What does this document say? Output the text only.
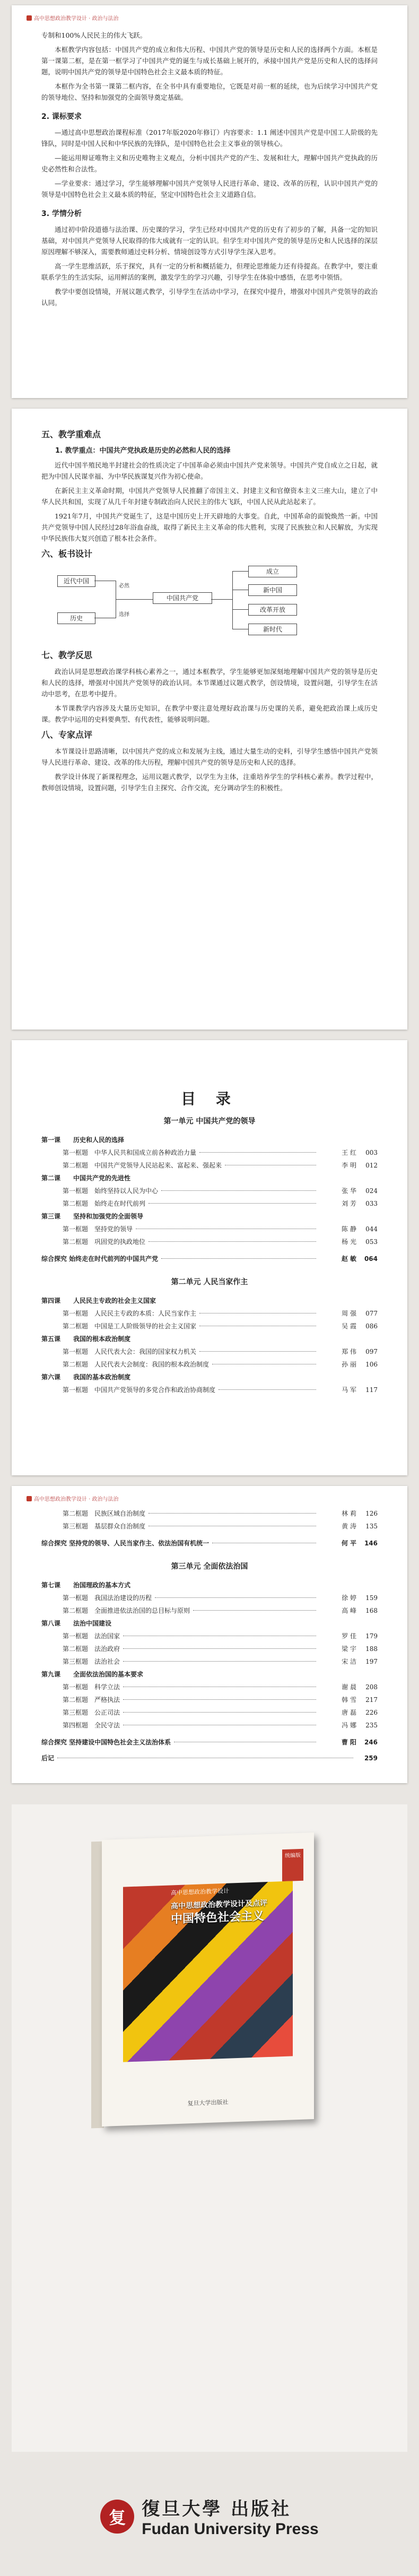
高中思想政治教学设计 · 政治与法治

专制和100%人民民主的伟大飞跃。

本框教学内容包括：中国共产党的成立和伟大历程、中国共产党的领导是历史和人民的选择两个方面。本框是第一课第二框，是在第一框学习了中国共产党的诞生与成长基础上展开的，承接中国共产党是历史和人民的选择问题，说明中国共产党的领导是中国特色社会主义最本质的特征。

本框作为全书第一课第二框内容，在全书中具有重要地位，它既是对前一框的延续，也为后续学习中国共产党的领导地位、坚持和加强党的全面领导奠定基础。

2. 课标要求

—通过高中思想政治课程标准（2017年版2020年修订）内容要求：1.1 阐述中国共产党是中国工人阶级的先锋队，同时是中国人民和中华民族的先锋队，是中国特色社会主义事业的领导核心。

—能运用辩证唯物主义和历史唯物主义观点，分析中国共产党的产生、发展和壮大，理解中国共产党执政的历史必然性和合法性。

—学业要求：通过学习，学生能够理解中国共产党领导人民进行革命、建设、改革的历程，认识中国共产党的领导是中国特色社会主义最本质的特征，坚定中国特色社会主义道路自信。

3. 学情分析

通过初中阶段道德与法治课、历史课的学习，学生已经对中国共产党的历史有了初步的了解，具备一定的知识基础，对中国共产党领导人民取得的伟大成就有一定的认识。但学生对中国共产党的领导是历史和人民选择的深层原因理解不够深入，需要教师通过史料分析、情境创设等方式引导学生深入思考。

高一学生思维活跃，乐于探究，具有一定的分析和概括能力，但理论思维能力还有待提高。在教学中，要注重联系学生的生活实际，运用鲜活的案例，激发学生的学习兴趣，引导学生在体验中感悟，在思考中领悟。

教学中要创设情境，开展议题式教学，引导学生在活动中学习，在探究中提升，增强对中国共产党领导的政治认同。

五、教学重难点
1. 教学重点：中国共产党执政是历史的必然和人民的选择

近代中国半殖民地半封建社会的性质决定了中国革命必须由中国共产党来领导。中国共产党自成立之日起，就把为中国人民谋幸福、为中华民族谋复兴作为初心使命。

在新民主主义革命时期，中国共产党领导人民推翻了帝国主义、封建主义和官僚资本主义三座大山，建立了中华人民共和国，实现了从几千年封建专制政治向人民民主的伟大飞跃，中国人民从此站起来了。

1921年7月，中国共产党诞生了，这是中国历史上开天辟地的大事变。自此，中国革命的面貌焕然一新。中国共产党领导中国人民经过28年浴血奋战，取得了新民主主义革命的伟大胜利，实现了民族独立和人民解放，为实现中华民族伟大复兴创造了根本社会条件。

六、板书设计
近代中国
历史
必然
选择
中国共产党
成立
新中国
改革开放
新时代
七、教学反思

政治认同是思想政治课学科核心素养之一，通过本框教学，学生能够更加深刻地理解中国共产党的领导是历史和人民的选择，增强对中国共产党领导的政治认同。本节课通过议题式教学，创设情境，设置问题，引导学生在活动中思考，在思考中提升。

本节课教学内容涉及大量历史知识，在教学中要注意处理好政治课与历史课的关系，避免把政治课上成历史课。教学中运用的史料要典型、有代表性，能够说明问题。

八、专家点评

本节课设计思路清晰，以中国共产党的成立和发展为主线，通过大量生动的史料，引导学生感悟中国共产党领导人民进行革命、建设、改革的伟大历程，理解中国共产党的领导是历史和人民的选择。

教学设计体现了新课程理念，运用议题式教学，以学生为主体，注重培养学生的学科核心素养。教学过程中，教师创设情境，设置问题，引导学生自主探究、合作交流，充分调动学生的积极性。

目 录
第一单元 中国共产党的领导
第一课	历史和人民的选择
第一框题 中华人民共和国成立前各种政治力量	王 红	003
第二框题 中国共产党领导人民站起来、富起来、强起来	李 明	012
第二课	中国共产党的先进性
第一框题 始终坚持以人民为中心	张 华	024
第二框题 始终走在时代前列	刘 芳	033
第三课	坚持和加强党的全面领导
第一框题 坚持党的领导	陈 静	044
第二框题 巩固党的执政地位	杨 光	053
综合探究 始终走在时代前列的中国共产党	赵 敏	064
第二单元 人民当家作主
第四课	人民民主专政的社会主义国家
第一框题 人民民主专政的本质：人民当家作主	周 强	077
第二框题 中国是工人阶级领导的社会主义国家	吴 霞	086
第五课	我国的根本政治制度
第一框题 人民代表大会：我国的国家权力机关	郑 伟	097
第二框题 人民代表大会制度：我国的根本政治制度	孙 丽	106
第六课	我国的基本政治制度
第一框题 中国共产党领导的多党合作和政治协商制度	马 军	117
高中思想政治教学设计 · 政治与法治
第二框题 民族区域自治制度	林 莉	126
第三框题 基层群众自治制度	黄 涛	135
综合探究 坚持党的领导、人民当家作主、依法治国有机统一	何 平	146
第三单元 全面依法治国
第七课	治国理政的基本方式
第一框题 我国法治建设的历程	徐 婷	159
第二框题 全面推进依法治国的总目标与原则	高 峰	168
第八课	法治中国建设
第一框题 法治国家	罗 佳	179
第二框题 法治政府	梁 宇	188
第三框题 法治社会	宋 洁	197
第九课	全面依法治国的基本要求
第一框题 科学立法	谢 晨	208
第二框题 严格执法	韩 雪	217
第三框题 公正司法	唐 磊	226
第四框题 全民守法	冯 娜	235
综合探究 坚持建设中国特色社会主义法治体系	曹 阳	246
后记	259
统编版
高中思想政治教学设计
高中思想政治教学设计及点评
中国特色社会主义
复旦大学出版社
复 復旦大學 出版社
Fudan University Press
